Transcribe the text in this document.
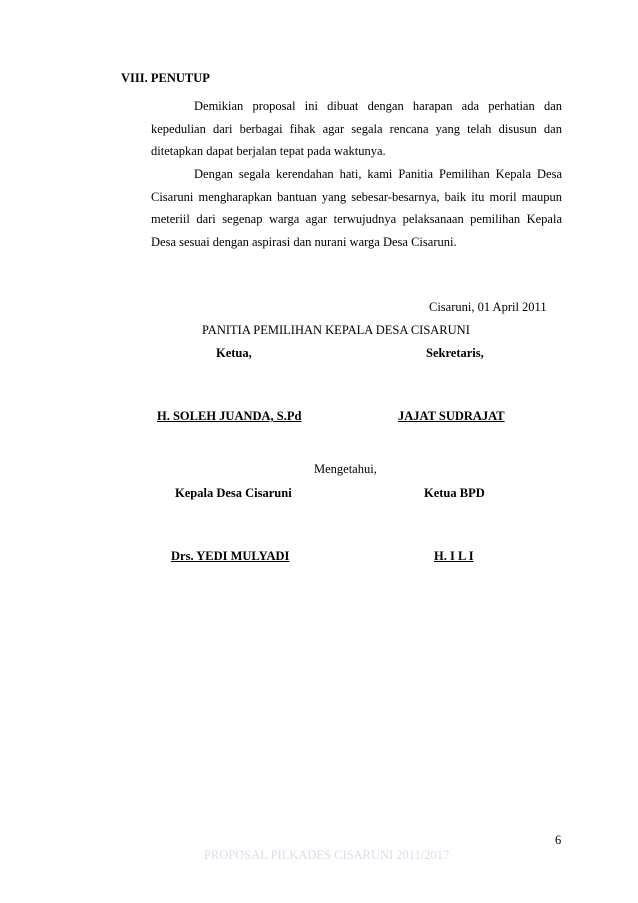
VIII. PENUTUP

Demikian proposal ini dibuat dengan harapan ada perhatian dan kepedulian dari berbagai fihak agar segala rencana yang telah disusun dan ditetapkan dapat berjalan tepat pada waktunya.

Dengan segala kerendahan hati, kami Panitia Pemilihan Kepala Desa Cisaruni mengharapkan bantuan yang sebesar-besarnya, baik itu moril maupun meteriil dari segenap warga agar terwujudnya pelaksanaan pemilihan Kepala Desa sesuai dengan aspirasi dan nurani warga Desa Cisaruni.

Cisaruni, 01 April 2011
PANITIA PEMILIHAN KEPALA DESA CISARUNI
Ketua,	Sekretaris,
H. SOLEH JUANDA, S.Pd	JAJAT SUDRAJAT
Mengetahui,
Kepala Desa Cisaruni	Ketua BPD
Drs. YEDI MULYADI	H. I L I
6
PROPOSAL PILKADES CISARUNI 2011/2017
